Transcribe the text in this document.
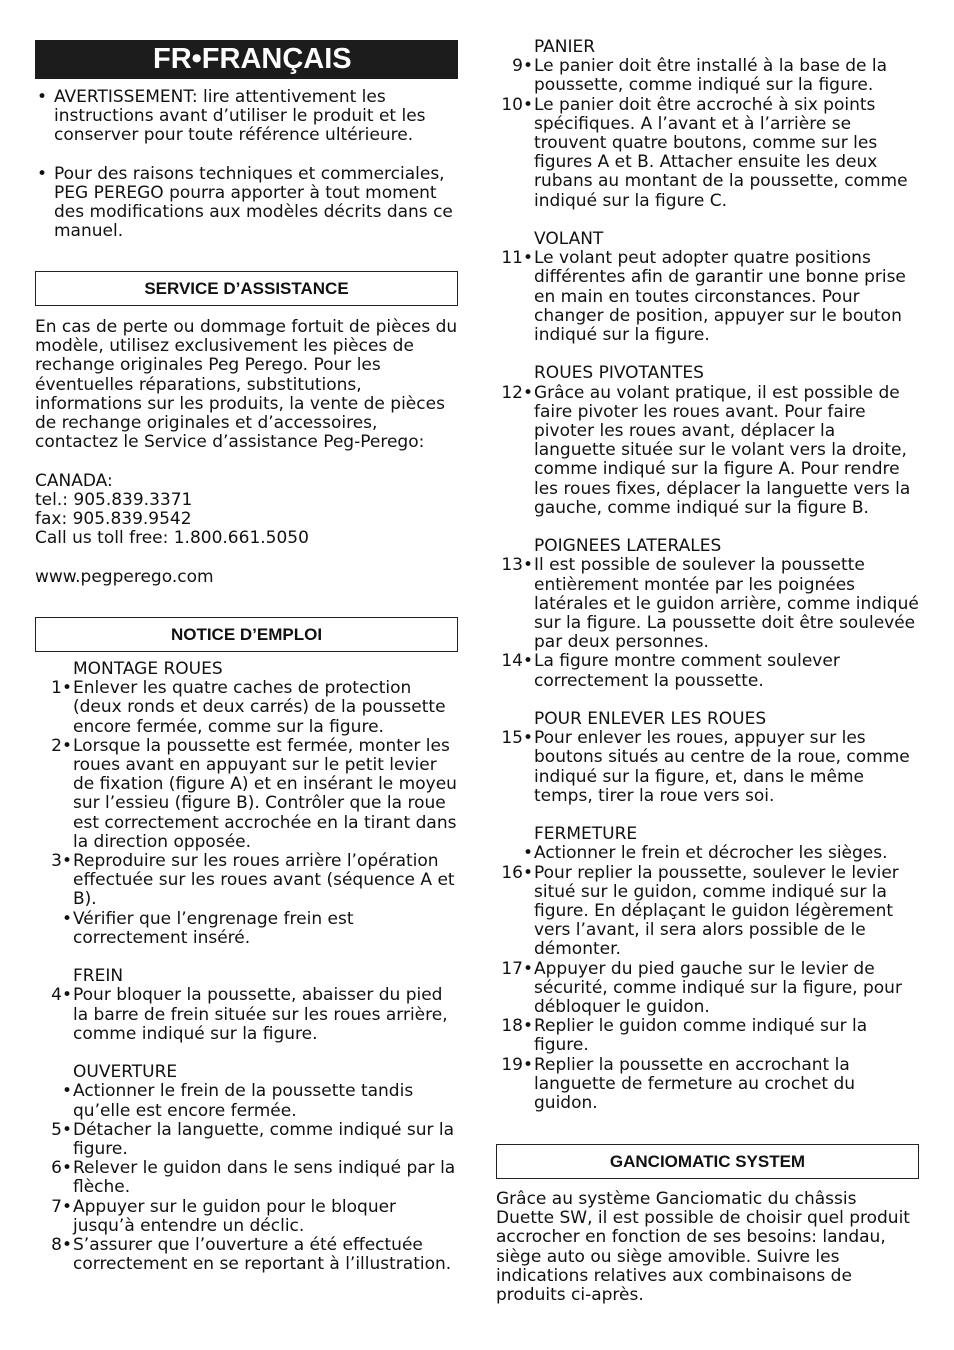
FR•FRANÇAIS
• AVERTISSEMENT: lire attentivement les instructions avant d’utiliser le produit et les conserver pour toute référence ultérieure.
• Pour des raisons techniques et commerciales, PEG PEREGO pourra apporter à tout moment des modifications aux modèles décrits dans ce manuel.
SERVICE D’ASSISTANCE
En cas de perte ou dommage fortuit de pièces du modèle, utilisez exclusivement les pièces de rechange originales Peg Perego. Pour les éventuelles réparations, substitutions, informations sur les produits, la vente de pièces de rechange originales et d’accessoires, contactez le Service d’assistance Peg-Perego:
CANADA:
tel.: 905.839.3371
fax: 905.839.9542
Call us toll free: 1.800.661.5050
www.pegperego.com
NOTICE D’EMPLOI
MONTAGE ROUES
1• Enlever les quatre caches de protection (deux ronds et deux carrés) de la poussette encore fermée, comme sur la figure.
2• Lorsque la poussette est fermée, monter les roues avant en appuyant sur le petit levier de fixation (figure A) et en insérant le moyeu sur l’essieu (figure B). Contrôler que la roue est correctement accrochée en la tirant dans la direction opposée.
3• Reproduire sur les roues arrière l’opération effectuée sur les roues avant (séquence A et B).
• Vérifier que l’engrenage frein est correctement inséré.
FREIN
4• Pour bloquer la poussette, abaisser du pied la barre de frein située sur les roues arrière, comme indiqué sur la figure.
OUVERTURE
• Actionner le frein de la poussette tandis qu’elle est encore fermée.
5• Détacher la languette, comme indiqué sur la figure.
6• Relever le guidon dans le sens indiqué par la flèche.
7• Appuyer sur le guidon pour le bloquer jusqu’à entendre un déclic.
8• S’assurer que l’ouverture a été effectuée correctement en se reportant à l’illustration.
PANIER
9• Le panier doit être installé à la base de la poussette, comme indiqué sur la figure.
10• Le panier doit être accroché à six points spécifiques. A l’avant et à l’arrière se trouvent quatre boutons, comme sur les figures A et B. Attacher ensuite les deux rubans au montant de la poussette, comme indiqué sur la figure C.
VOLANT
11• Le volant peut adopter quatre positions différentes afin de garantir une bonne prise en main en toutes circonstances. Pour changer de position, appuyer sur le bouton indiqué sur la figure.
ROUES PIVOTANTES
12• Grâce au volant pratique, il est possible de faire pivoter les roues avant. Pour faire pivoter les roues avant, déplacer la languette située sur le volant vers la droite, comme indiqué sur la figure A. Pour rendre les roues fixes, déplacer la languette vers la gauche, comme indiqué sur la figure B.
POIGNEES LATERALES
13• Il est possible de soulever la poussette entièrement montée par les poignées latérales et le guidon arrière, comme indiqué sur la figure. La poussette doit être soulevée par deux personnes.
14• La figure montre comment soulever correctement la poussette.
POUR ENLEVER LES ROUES
15• Pour enlever les roues, appuyer sur les boutons situés au centre de la roue, comme indiqué sur la figure, et, dans le même temps, tirer la roue vers soi.
FERMETURE
• Actionner le frein et décrocher les sièges.
16• Pour replier la poussette, soulever le levier situé sur le guidon, comme indiqué sur la figure. En déplaçant le guidon légèrement vers l’avant, il sera alors possible de le démonter.
17• Appuyer du pied gauche sur le levier de sécurité, comme indiqué sur la figure, pour débloquer le guidon.
18• Replier le guidon comme indiqué sur la figure.
19• Replier la poussette en accrochant la languette de fermeture au crochet du guidon.
GANCIOMATIC SYSTEM
Grâce au système Ganciomatic du châssis Duette SW, il est possible de choisir quel produit accrocher en fonction de ses besoins: landau, siège auto ou siège amovible. Suivre les indications relatives aux combinaisons de produits ci-après.
